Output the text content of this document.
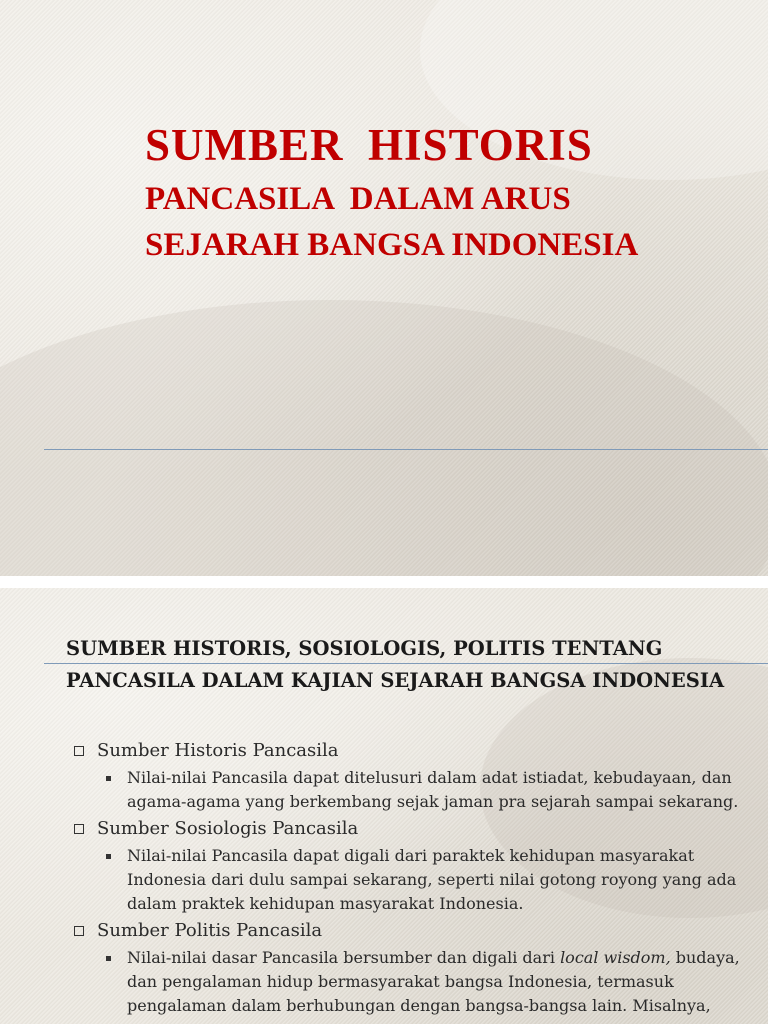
SUMBER  HISTORIS
PANCASILA  DALAM ARUS
SEJARAH BANGSA INDONESIA
SUMBER HISTORIS, SOSIOLOGIS, POLITIS TENTANG
PANCASILA DALAM KAJIAN SEJARAH BANGSA INDONESIA
Sumber Historis Pancasila
Nilai-nilai Pancasila dapat ditelusuri dalam adat istiadat, kebudayaan, dan
agama-agama yang berkembang sejak jaman pra sejarah sampai sekarang.
Sumber Sosiologis Pancasila
Nilai-nilai Pancasila dapat digali dari paraktek kehidupan masyarakat
Indonesia dari dulu sampai sekarang, seperti nilai gotong royong yang ada
dalam praktek kehidupan masyarakat Indonesia.
Sumber Politis Pancasila
Nilai-nilai dasar Pancasila bersumber dan digali dari local wisdom, budaya,
dan pengalaman hidup bermasyarakat bangsa Indonesia, termasuk
pengalaman dalam berhubungan dengan bangsa-bangsa lain. Misalnya,
